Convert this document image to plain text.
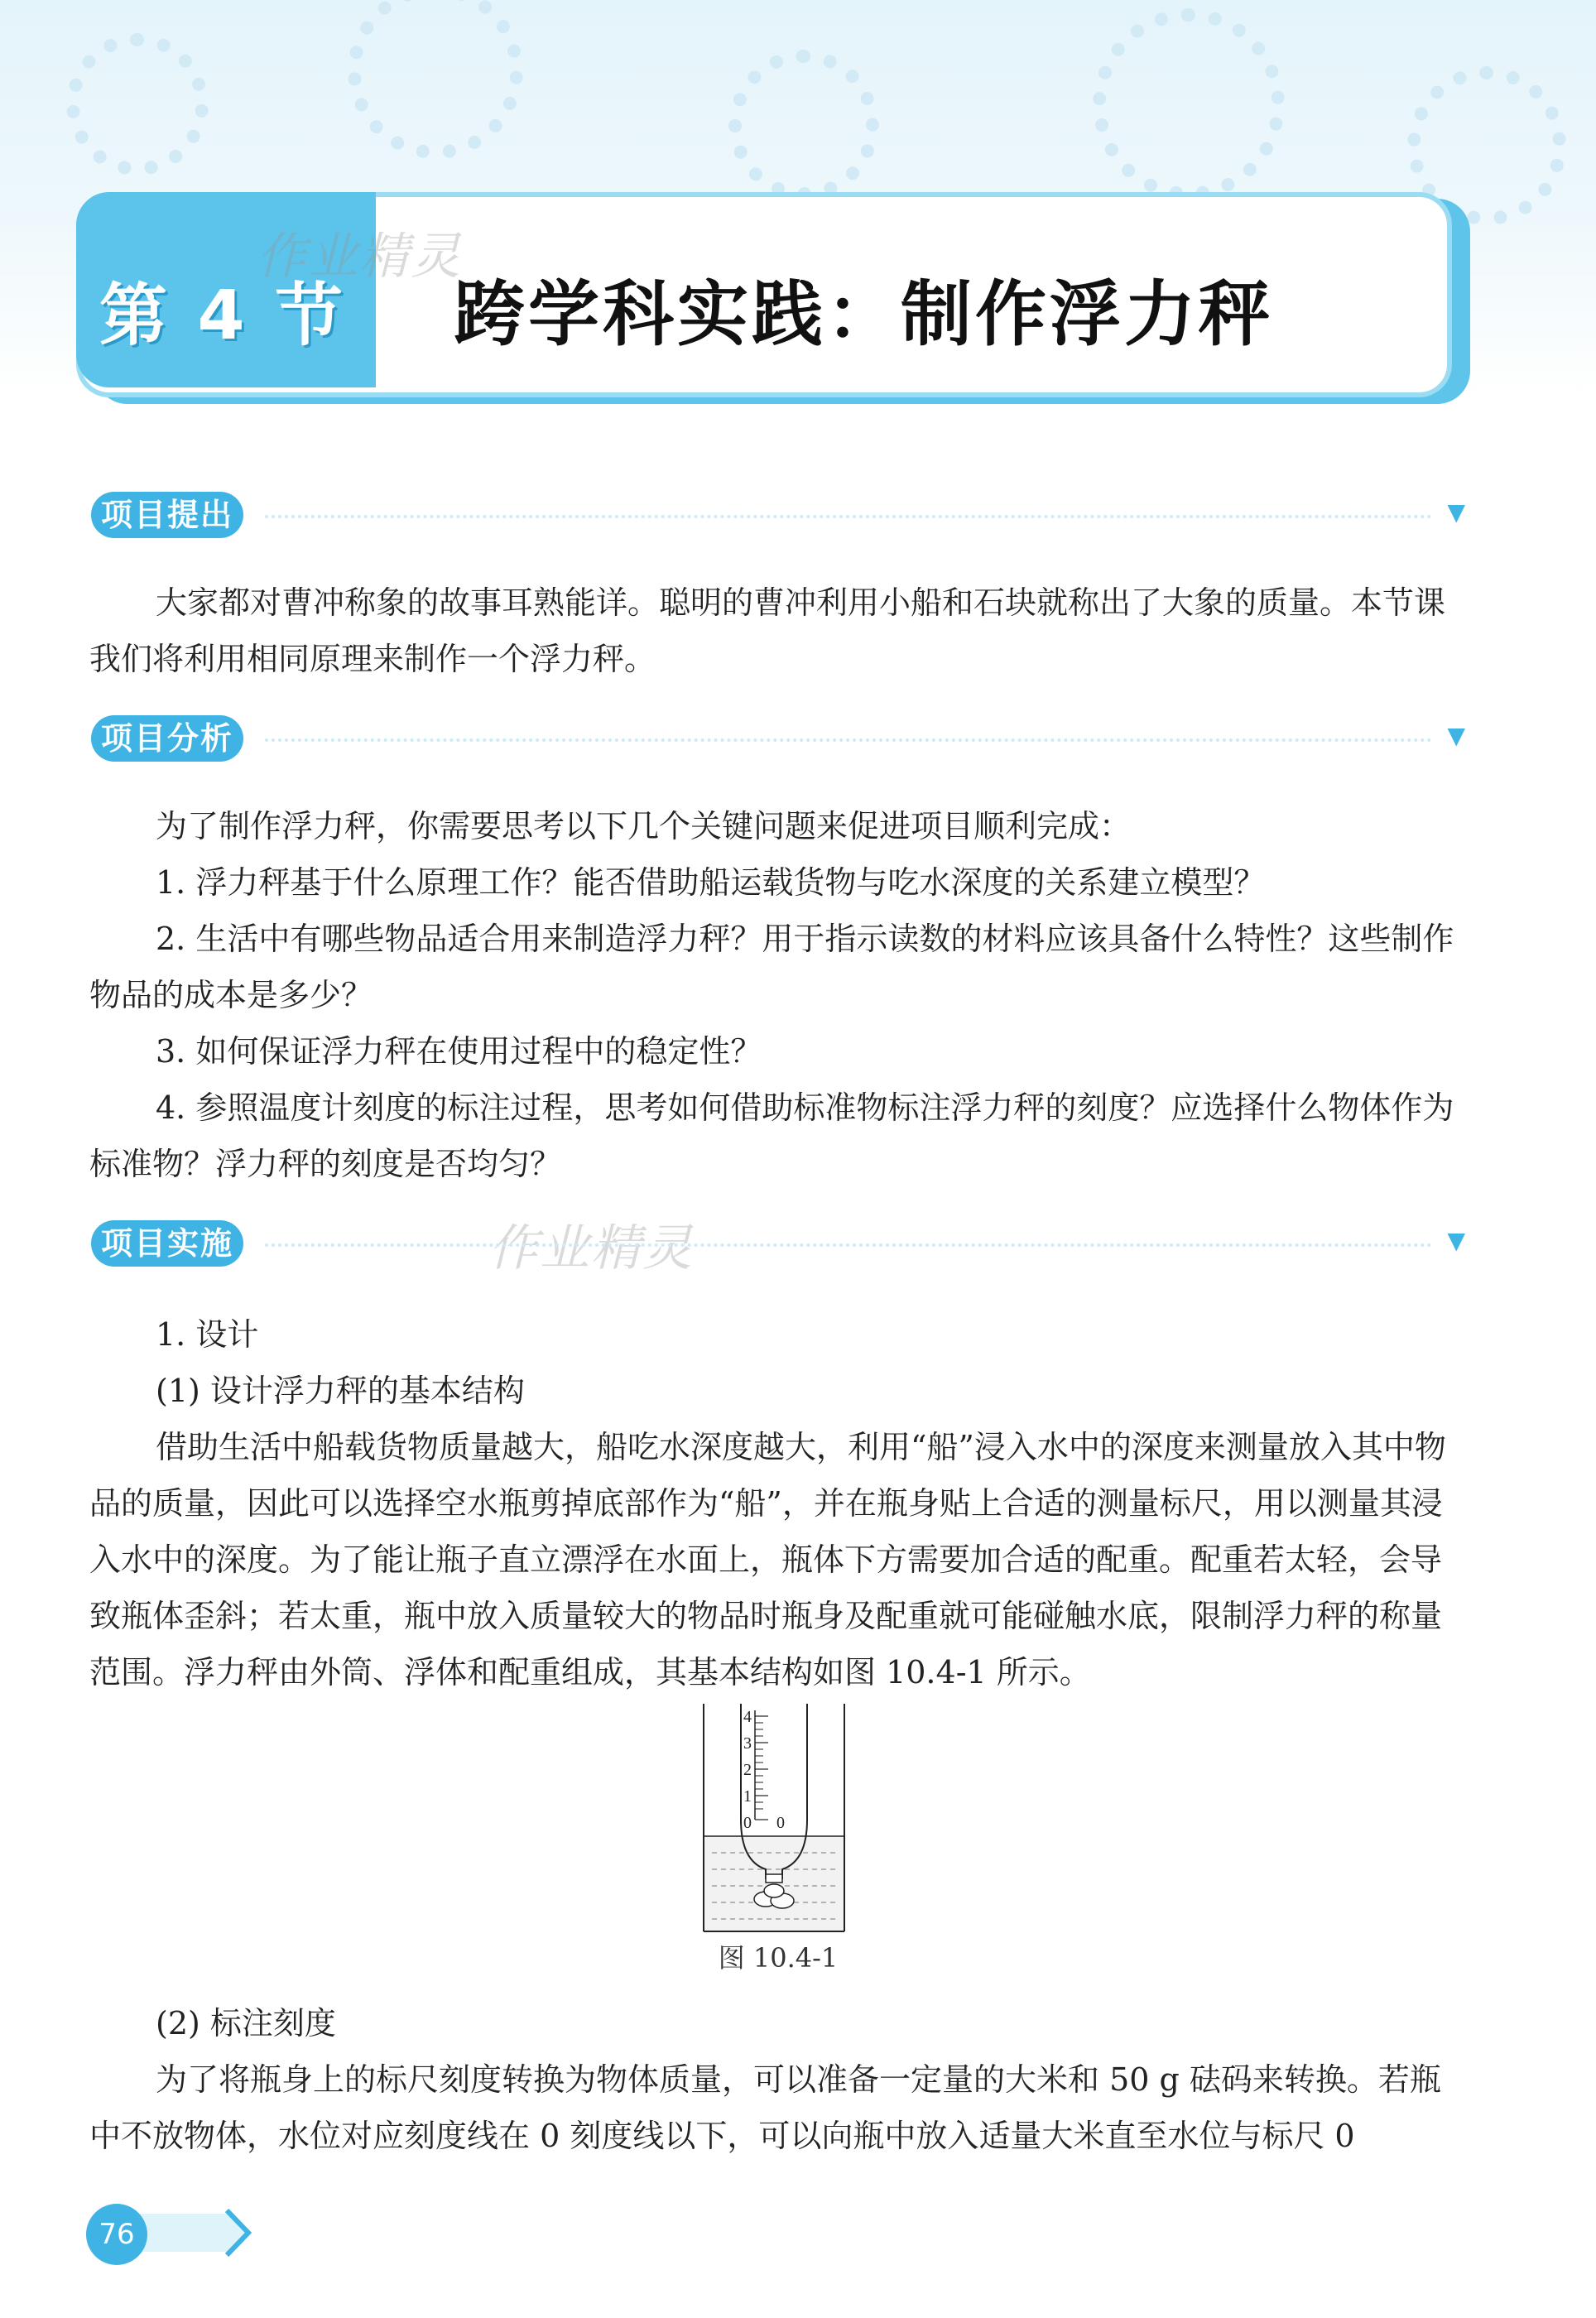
第 4 节 跨学科实践：制作浮力秤
作业精灵
作业精灵
项目提出	▼

大家都对曹冲称象的故事耳熟能详。聪明的曹冲利用小船和石块就称出了大象的质量。本节课我们将利用相同原理来制作一个浮力秤。

项目分析	▼

为了制作浮力秤，你需要思考以下几个关键问题来促进项目顺利完成：

1. 浮力秤基于什么原理工作？能否借助船运载货物与吃水深度的关系建立模型？

2. 生活中有哪些物品适合用来制造浮力秤？用于指示读数的材料应该具备什么特性？这些制作物品的成本是多少？

3. 如何保证浮力秤在使用过程中的稳定性？

4. 参照温度计刻度的标注过程，思考如何借助标准物标注浮力秤的刻度？应选择什么物体作为标准物？浮力秤的刻度是否均匀？

项目实施	▼

1. 设计

(1) 设计浮力秤的基本结构

借助生活中船载货物质量越大，船吃水深度越大，利用“船”浸入水中的深度来测量放入其中物品的质量，因此可以选择空水瓶剪掉底部作为“船”，并在瓶身贴上合适的测量标尺，用以测量其浸入水中的深度。为了能让瓶子直立漂浮在水面上，瓶体下方需要加合适的配重。配重若太轻，会导致瓶体歪斜；若太重，瓶中放入质量较大的物品时瓶身及配重就可能碰触水底，限制浮力秤的称量范围。浮力秤由外筒、浮体和配重组成，其基本结构如图 10.4-1 所示。

4
3
2
1
0 0
图 10.4-1

(2) 标注刻度

为了将瓶身上的标尺刻度转换为物体质量，可以准备一定量的大米和 50 g 砝码来转换。若瓶中不放物体，水位对应刻度线在 0 刻度线以下，可以向瓶中放入适量大米直至水位与标尺 0

76
